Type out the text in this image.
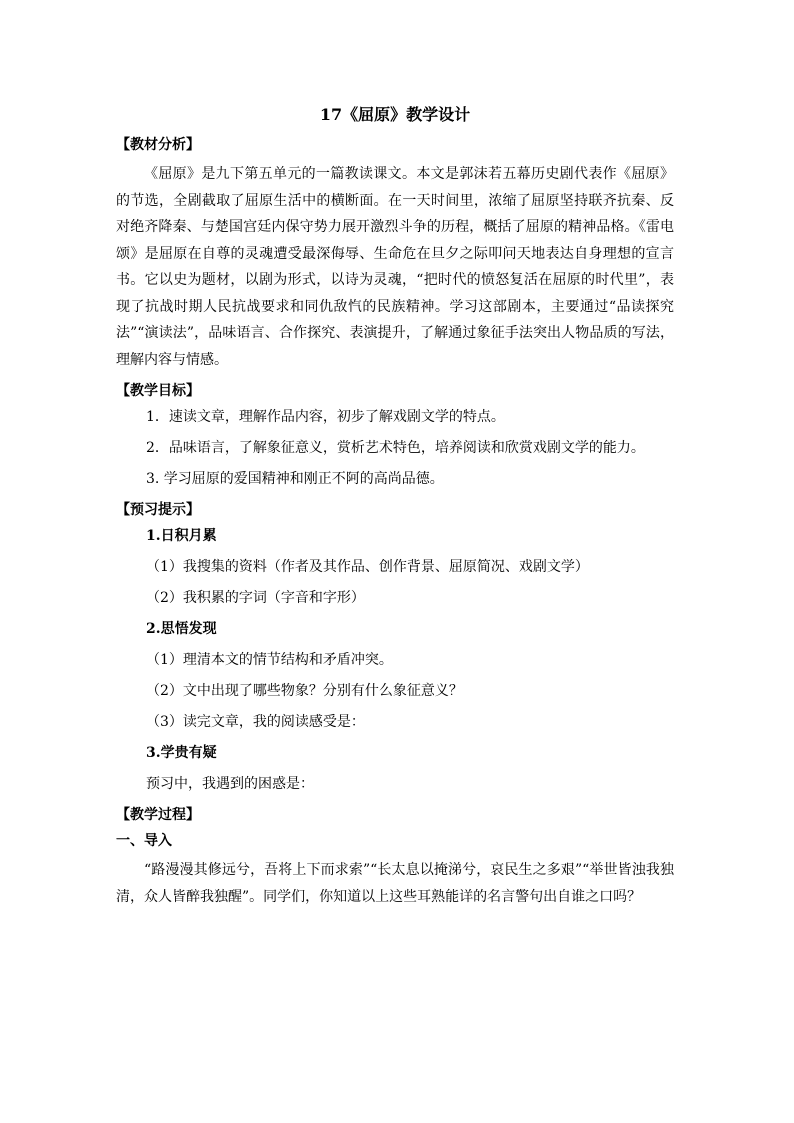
17《屈原》教学设计
【教材分析】

《屈原》是九下第五单元的一篇教读课文。本文是郭沫若五幕历史剧代表作《屈原》的节选，全剧截取了屈原生活中的横断面。在一天时间里，浓缩了屈原坚持联齐抗秦、反对绝齐降秦、与楚国宫廷内保守势力展开激烈斗争的历程，概括了屈原的精神品格。《雷电颂》是屈原在自尊的灵魂遭受最深侮辱、生命危在旦夕之际叩问天地表达自身理想的宣言书。它以史为题材，以剧为形式，以诗为灵魂，“把时代的愤怒复活在屈原的时代里”，表现了抗战时期人民抗战要求和同仇敌忾的民族精神。学习这部剧本，主要通过“品读探究法”“演读法”，品味语言、合作探究、表演提升，了解通过象征手法突出人物品质的写法，理解内容与情感。

【教学目标】
1．速读文章，理解作品内容，初步了解戏剧文学的特点。
2．品味语言，了解象征意义，赏析艺术特色，培养阅读和欣赏戏剧文学的能力。
3. 学习屈原的爱国精神和刚正不阿的高尚品德。
【预习提示】
1.日积月累
（1）我搜集的资料（作者及其作品、创作背景、屈原简况、戏剧文学）
（2）我积累的字词（字音和字形）
2.思悟发现
（1）理清本文的情节结构和矛盾冲突。
（2）文中出现了哪些物象？分别有什么象征意义？
（3）读完文章，我的阅读感受是：
3.学贵有疑
预习中，我遇到的困惑是：
【教学过程】
一、导入

“路漫漫其修远兮，吾将上下而求索”“长太息以掩涕兮，哀民生之多艰”“举世皆浊我独清，众人皆醉我独醒”。同学们，你知道以上这些耳熟能详的名言警句出自谁之口吗？
